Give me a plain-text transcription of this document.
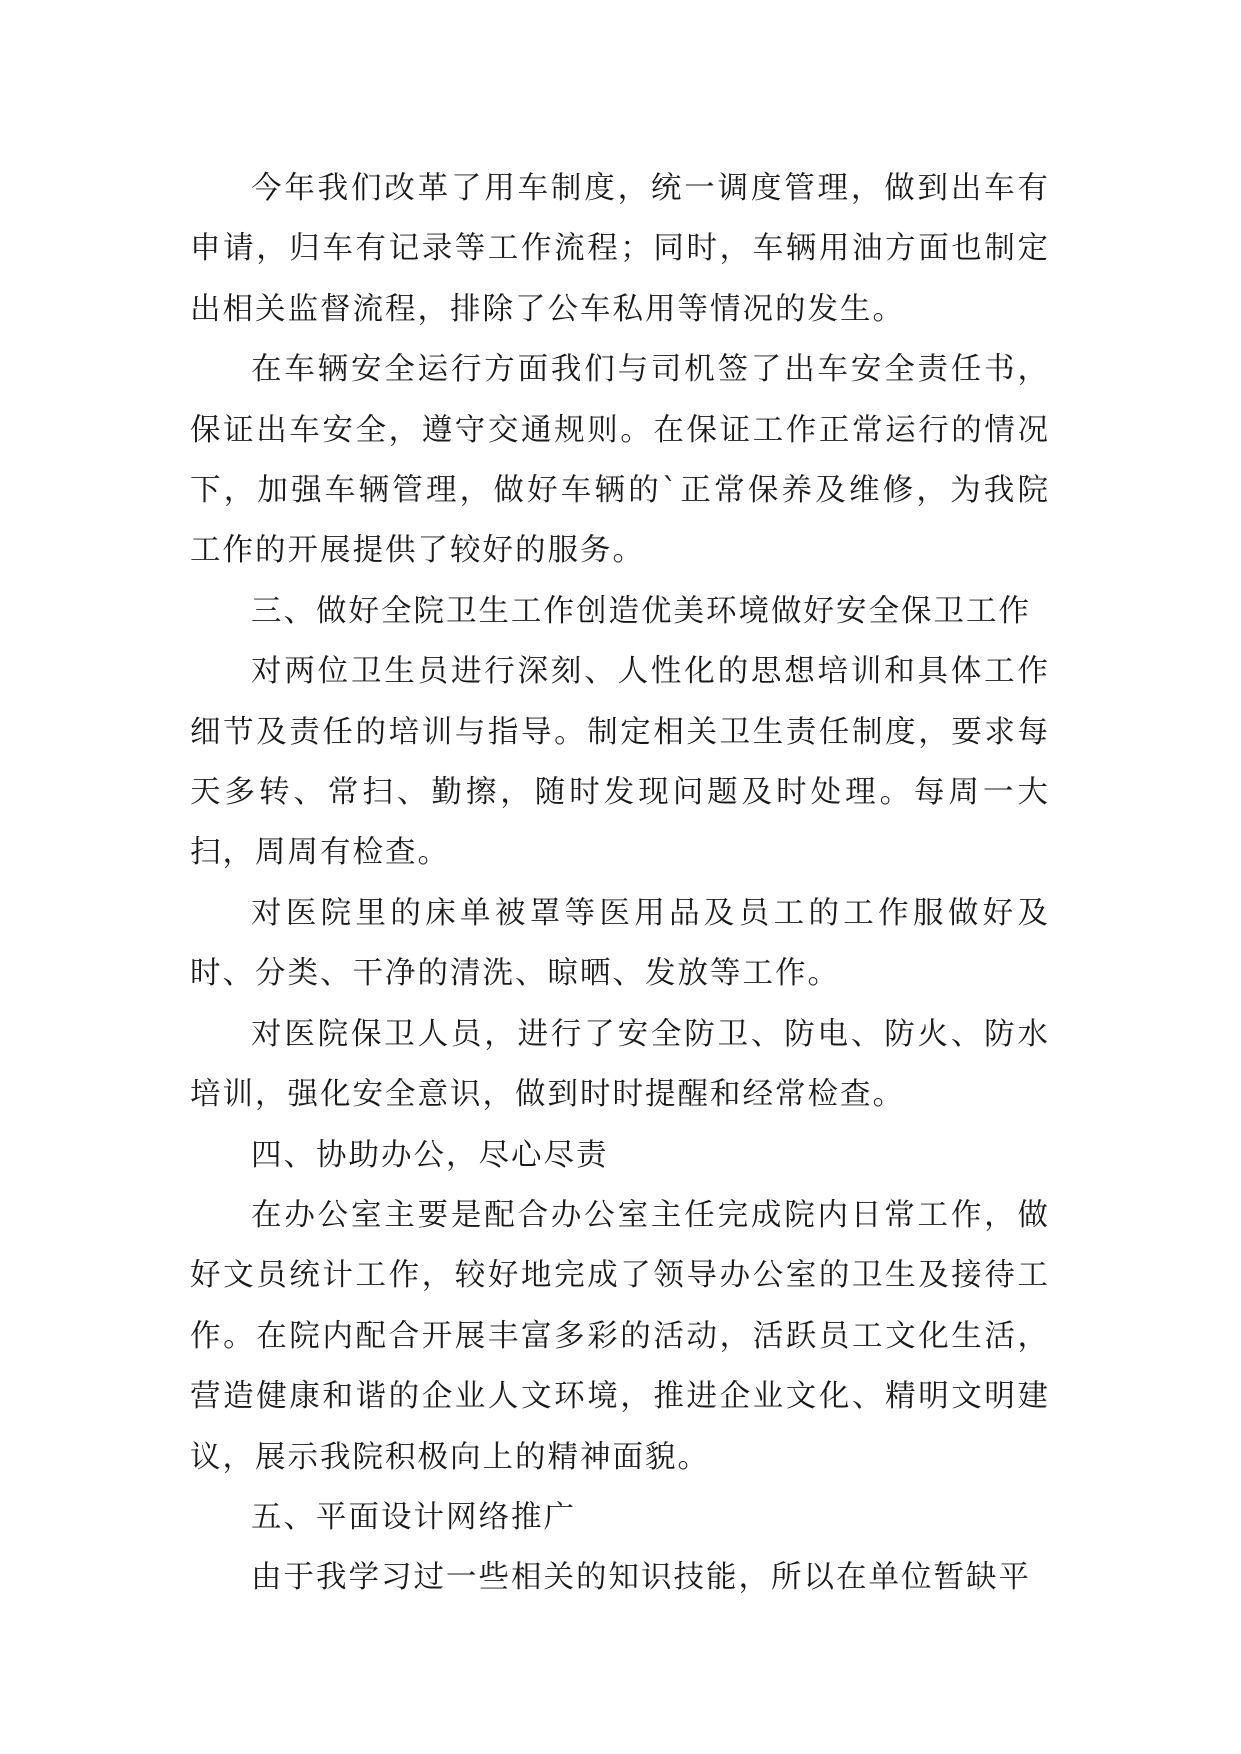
今年我们改革了用车制度，统一调度管理，做到出车有申请，归车有记录等工作流程；同时，车辆用油方面也制定出相关监督流程，排除了公车私用等情况的发生。

在车辆安全运行方面我们与司机签了出车安全责任书，保证出车安全，遵守交通规则。在保证工作正常运行的情况下，加强车辆管理，做好车辆的`正常保养及维修，为我院工作的开展提供了较好的服务。

三、做好全院卫生工作创造优美环境做好安全保卫工作

对两位卫生员进行深刻、人性化的思想培训和具体工作细节及责任的培训与指导。制定相关卫生责任制度，要求每天多转、常扫、勤擦，随时发现问题及时处理。每周一大扫，周周有检查。

对医院里的床单被罩等医用品及员工的工作服做好及时、分类、干净的清洗、晾晒、发放等工作。

对医院保卫人员，进行了安全防卫、防电、防火、防水培训，强化安全意识，做到时时提醒和经常检查。

四、协助办公，尽心尽责

在办公室主要是配合办公室主任完成院内日常工作，做好文员统计工作，较好地完成了领导办公室的卫生及接待工作。在院内配合开展丰富多彩的活动，活跃员工文化生活，营造健康和谐的企业人文环境，推进企业文化、精明文明建议，展示我院积极向上的精神面貌。

五、平面设计网络推广

由于我学习过一些相关的知识技能，所以在单位暂缺平
